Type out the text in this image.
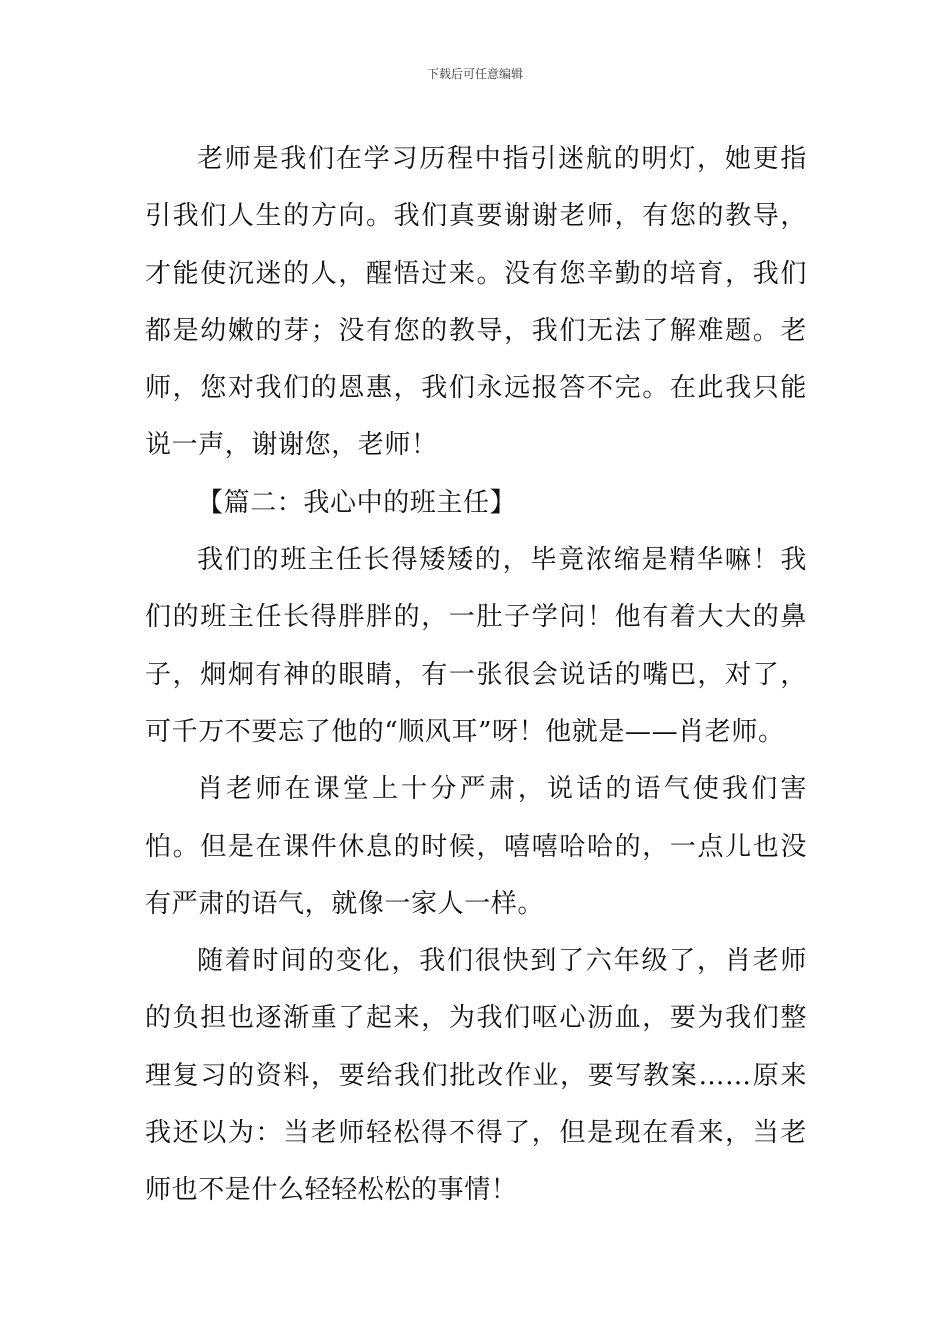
下载后可任意编辑

老师是我们在学习历程中指引迷航的明灯，她更指引我们人生的方向。我们真要谢谢老师，有您的教导，才能使沉迷的人，醒悟过来。没有您辛勤的培育，我们都是幼嫩的芽；没有您的教导，我们无法了解难题。老师，您对我们的恩惠，我们永远报答不完。在此我只能说一声，谢谢您，老师！

【篇二：我心中的班主任】

我们的班主任长得矮矮的，毕竟浓缩是精华嘛！我们的班主任长得胖胖的，一肚子学问！他有着大大的鼻子，炯炯有神的眼睛，有一张很会说话的嘴巴，对了，可千万不要忘了他的“顺风耳”呀！他就是——肖老师。

肖老师在课堂上十分严肃，说话的语气使我们害怕。但是在课件休息的时候，嘻嘻哈哈的，一点儿也没有严肃的语气，就像一家人一样。

随着时间的变化，我们很快到了六年级了，肖老师的负担也逐渐重了起来，为我们呕心沥血，要为我们整理复习的资料，要给我们批改作业，要写教案……原来我还以为：当老师轻松得不得了，但是现在看来，当老师也不是什么轻轻松松的事情！
